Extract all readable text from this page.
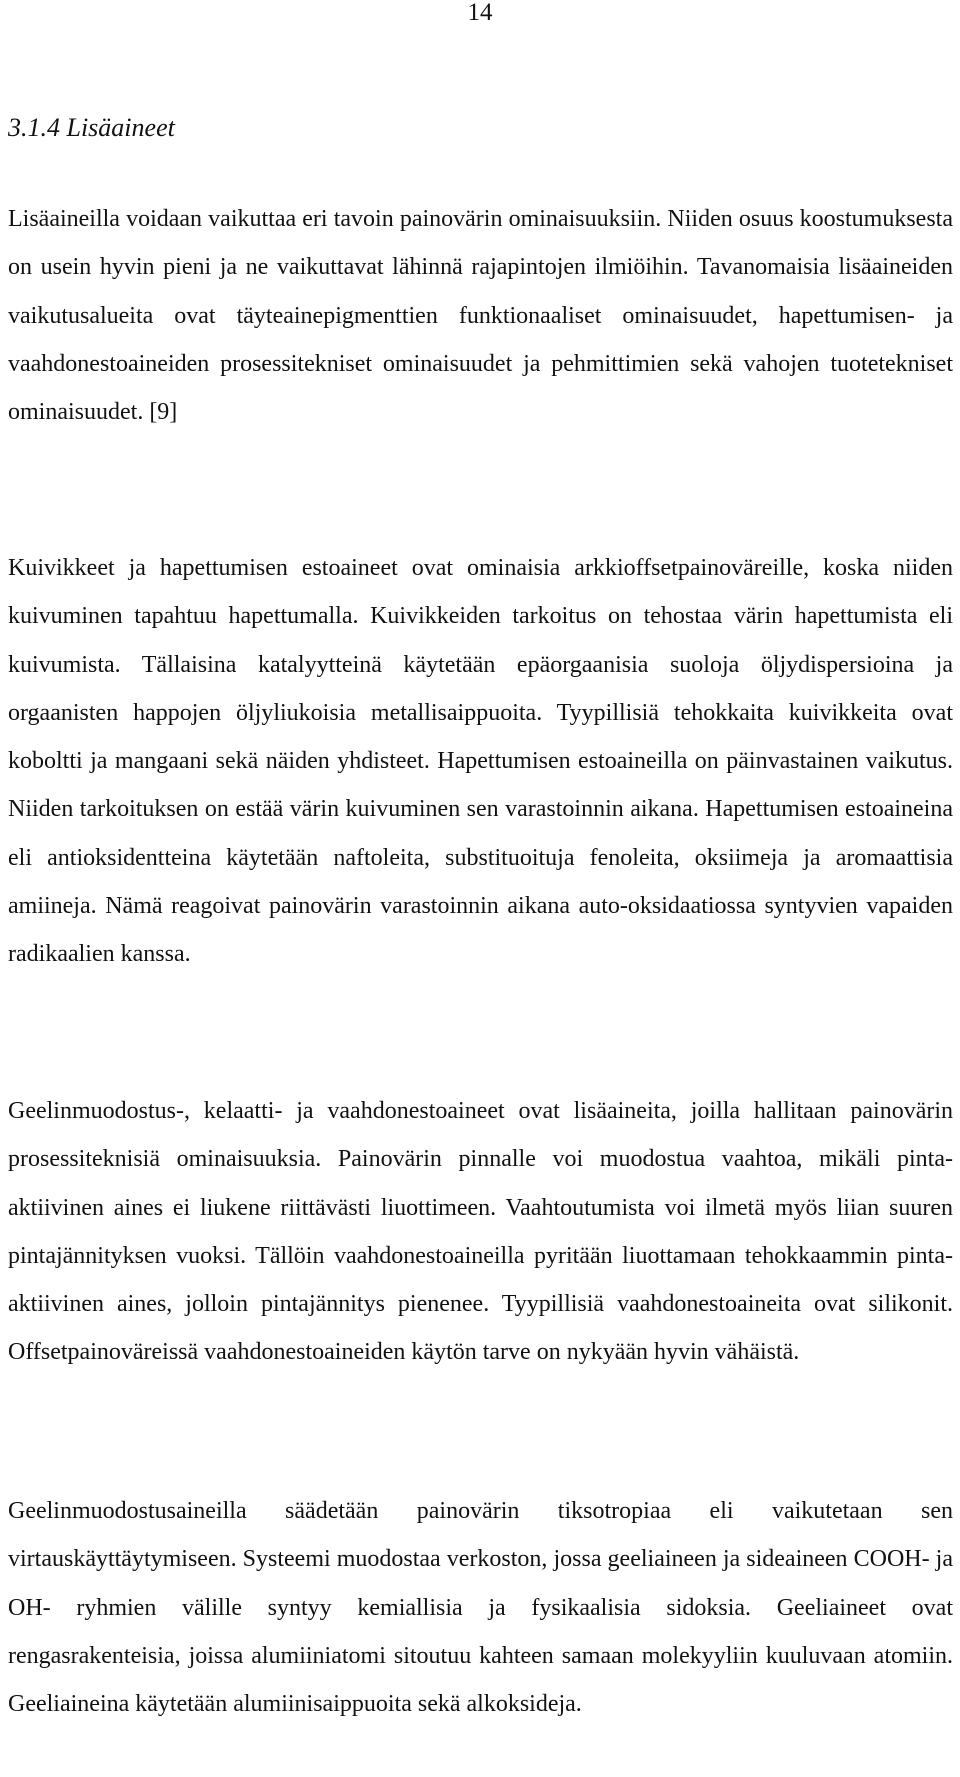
14
3.1.4 Lisäaineet

Lisäaineilla voidaan vaikuttaa eri tavoin painovärin ominaisuuksiin. Niiden osuus koostumuksesta on usein hyvin pieni ja ne vaikuttavat lähinnä rajapintojen ilmiöihin. Tavanomaisia lisäaineiden vaikutusalueita ovat täyteainepigmenttien funktionaaliset ominaisuudet, hapettumisen- ja vaahdonestoaineiden prosessitekniset ominaisuudet ja pehmittimien sekä vahojen tuotetekniset ominaisuudet. [9]

Kuivikkeet ja hapettumisen estoaineet ovat ominaisia arkkioffsetpainoväreille, koska niiden kuivuminen tapahtuu hapettumalla. Kuivikkeiden tarkoitus on tehostaa värin hapettumista eli kuivumista. Tällaisina katalyytteinä käytetään epäorgaanisia suoloja öljydispersioina ja orgaanisten happojen öljyliukoisia metallisaippuoita. Tyypillisiä tehokkaita kuivikkeita ovat koboltti ja mangaani sekä näiden yhdisteet. Hapettumisen estoaineilla on päinvastainen vaikutus. Niiden tarkoituksen on estää värin kuivuminen sen varastoinnin aikana. Hapettumisen estoaineina eli antioksidentteina käytetään naftoleita, substituoituja fenoleita, oksiimeja ja aromaattisia amiineja. Nämä reagoivat painovärin varastoinnin aikana auto-oksidaatiossa syntyvien vapaiden radikaalien kanssa.

Geelinmuodostus-, kelaatti- ja vaahdonestoaineet ovat lisäaineita, joilla hallitaan painovärin prosessiteknisiä ominaisuuksia. Painovärin pinnalle voi muodostua vaahtoa, mikäli pinta-aktiivinen aines ei liukene riittävästi liuottimeen. Vaahtoutumista voi ilmetä myös liian suuren pintajännityksen vuoksi. Tällöin vaahdonestoaineilla pyritään liuottamaan tehokkaammin pinta-aktiivinen aines, jolloin pintajännitys pienenee. Tyypillisiä vaahdonestoaineita ovat silikonit. Offsetpainoväreissä vaahdonestoaineiden käytön tarve on nykyään hyvin vähäistä.

Geelinmuodostusaineilla säädetään painovärin tiksotropiaa eli vaikutetaan sen virtauskäyttäytymiseen. Systeemi muodostaa verkoston, jossa geeliaineen ja sideaineen COOH- ja OH- ryhmien välille syntyy kemiallisia ja fysikaalisia sidoksia. Geeliaineet ovat rengasrakenteisia, joissa alumiiniatomi sitoutuu kahteen samaan molekyyliin kuuluvaan atomiin. Geeliaineina käytetään alumiinisaippuoita sekä alkoksideja.
